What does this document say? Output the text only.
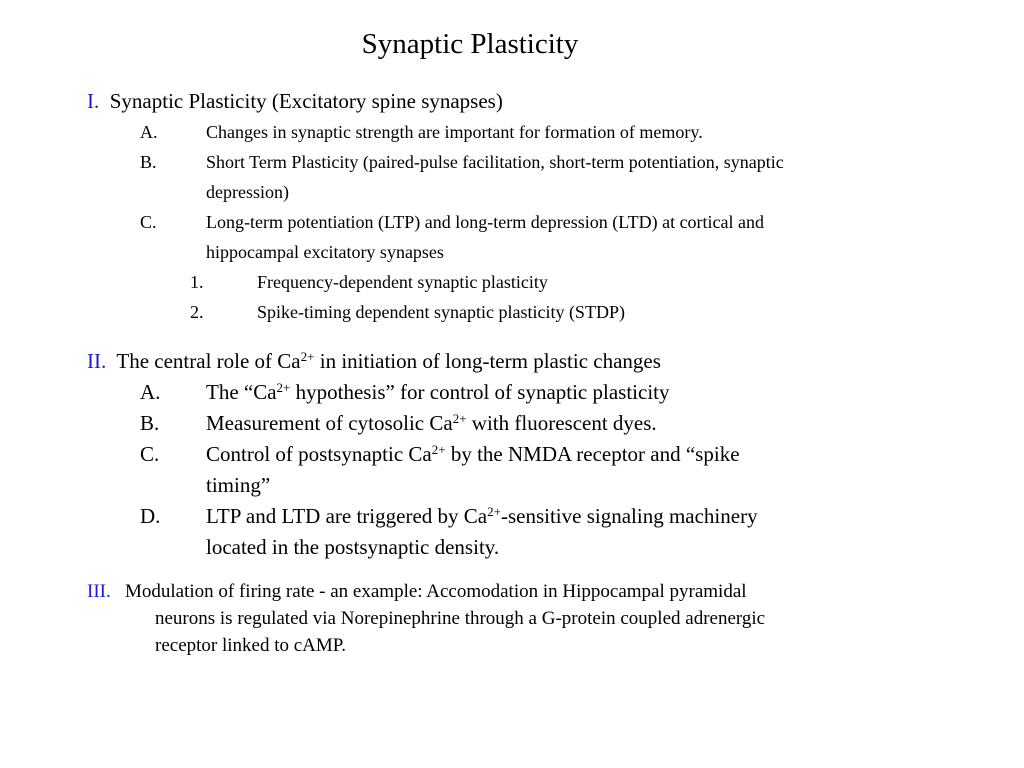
Synaptic Plasticity
I. Synaptic Plasticity (Excitatory spine synapses)
A.	Changes in synaptic strength are important for formation of memory.
B.	Short Term Plasticity (paired-pulse facilitation, short-term potentiation, synaptic
depression)
C.	Long-term potentiation (LTP) and long-term depression (LTD) at cortical and
hippocampal excitatory synapses
1.	Frequency-dependent synaptic plasticity
2.	Spike-timing dependent synaptic plasticity (STDP)
II. The central role of $Ca^{2+}$ in initiation of long-term plastic changes
A. The “$Ca^{2+}$ hypothesis” for control of synaptic plasticity
B. Measurement of cytosolic $Ca^{2+}$ with fluorescent dyes.
C. Control of postsynaptic $Ca^{2+}$ by the NMDA receptor and “spike
timing”
D. LTP and LTD are triggered by $Ca^{2+}$-sensitive signaling machinery
located in the postsynaptic density.
III. Modulation of firing rate - an example: Accomodation in Hippocampal pyramidal
neurons is regulated via Norepinephrine through a G-protein coupled adrenergic
receptor linked to cAMP.
